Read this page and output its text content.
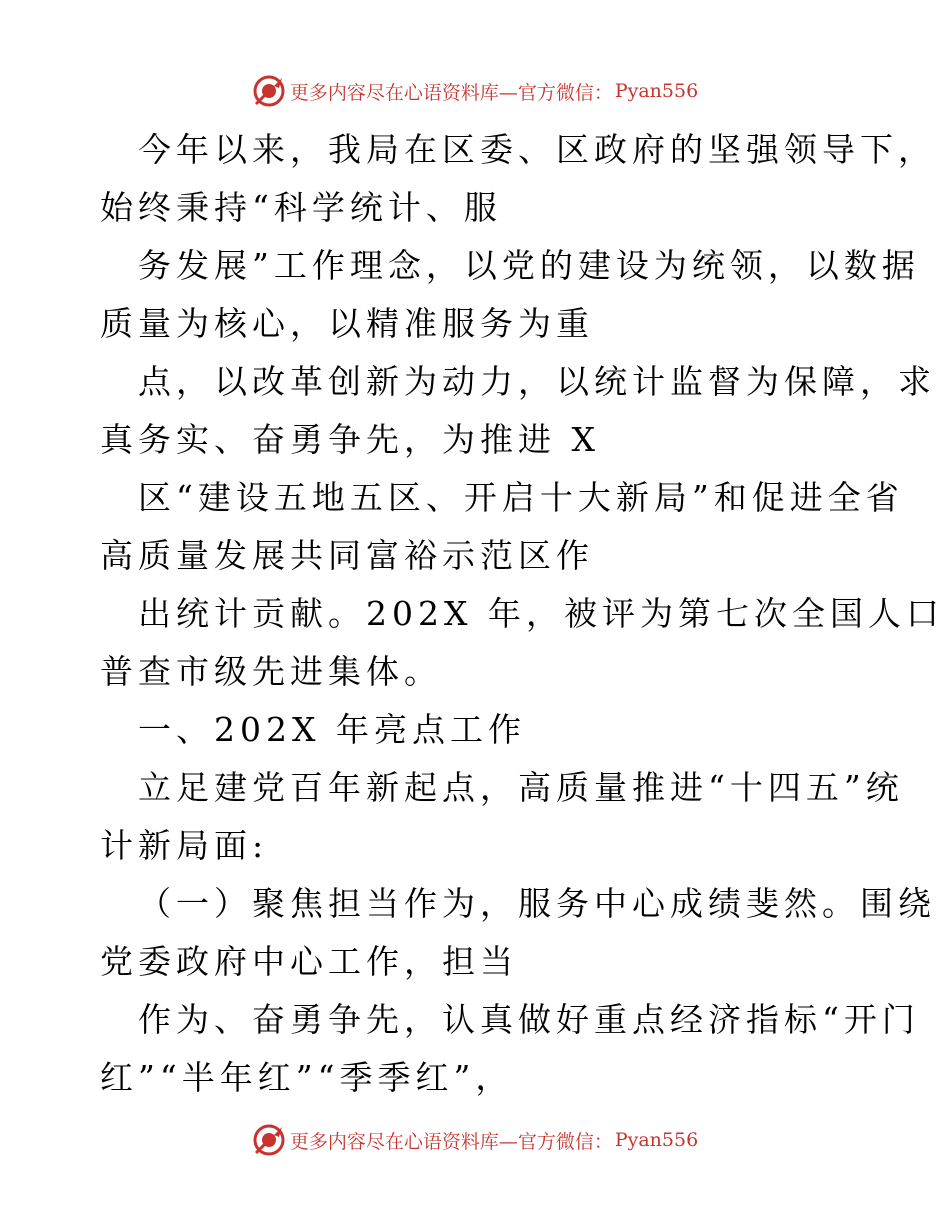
更多内容尽在心语资料库—官方微信： Pyan556
今年以来，我局在区委、区政府的坚强领导下，
始终秉持“科学统计、服
务发展”工作理念，以党的建设为统领，以数据
质量为核心，以精准服务为重
点，以改革创新为动力，以统计监督为保障，求
真务实、奋勇争先，为推进 X
区“建设五地五区、开启十大新局”和促进全省
高质量发展共同富裕示范区作
出统计贡献。202X 年，被评为第七次全国人口
普查市级先进集体。
一、202X 年亮点工作
立足建党百年新起点，高质量推进“十四五”统
计新局面:
（一）聚焦担当作为，服务中心成绩斐然。围绕
党委政府中心工作，担当
作为、奋勇争先，认真做好重点经济指标“开门
红”“半年红”“季季红”，
更多内容尽在心语资料库—官方微信： Pyan556
